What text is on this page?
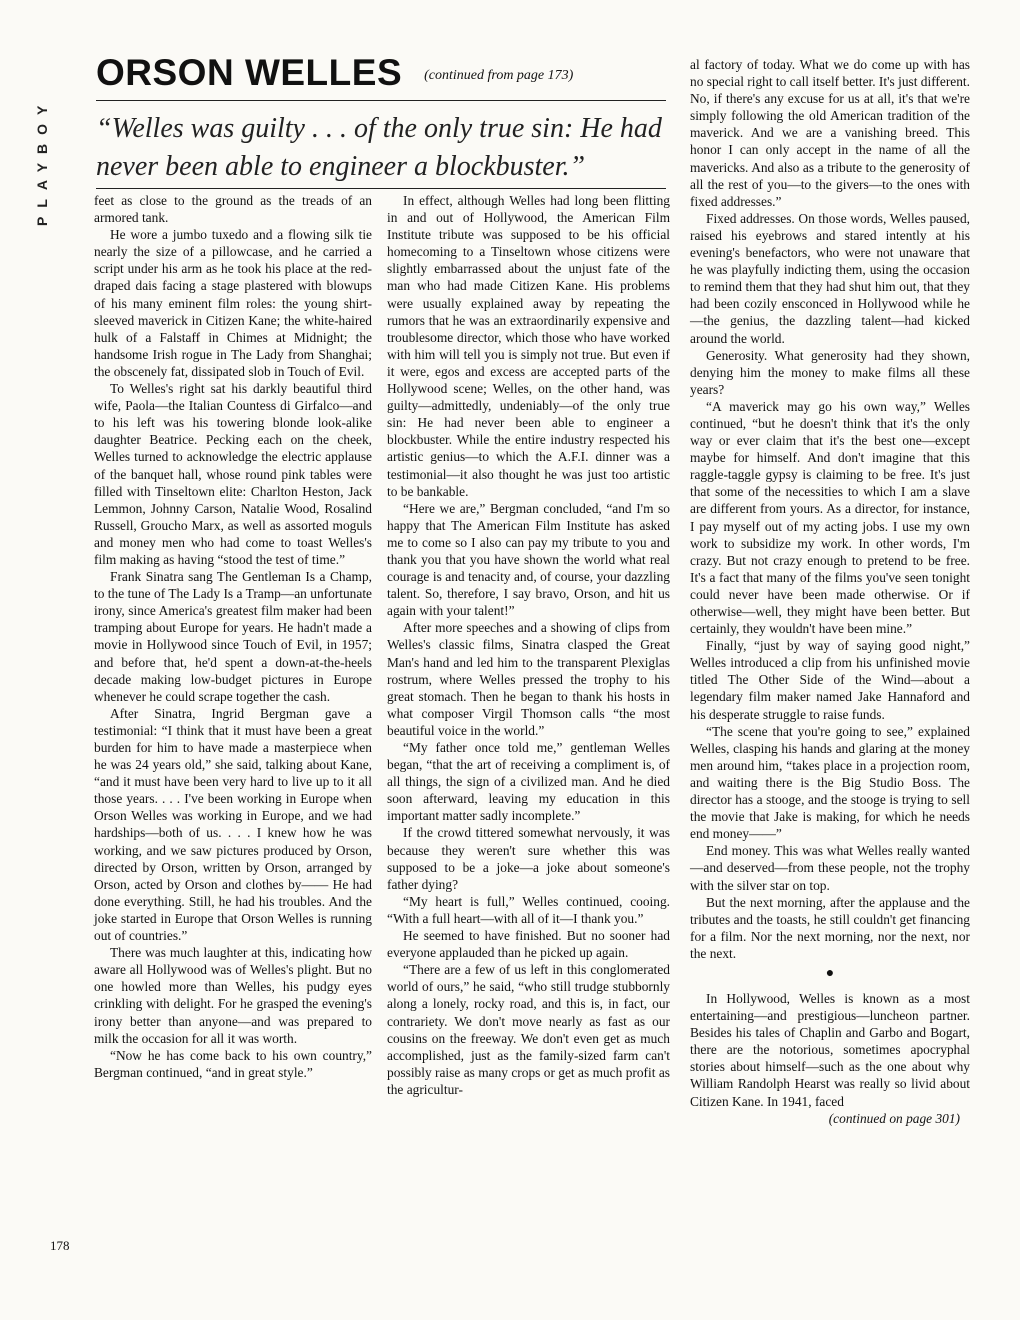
PLAYBOY
ORSON WELLES (continued from page 173)
“Welles was guilty . . . of the only true sin: He had never been able to engineer a blockbuster.”

feet as close to the ground as the treads of an armored tank.

He wore a jumbo tuxedo and a flowing silk tie nearly the size of a pillowcase, and he carried a script under his arm as he took his place at the red-draped dais facing a stage plastered with blowups of his many eminent film roles: the young shirt-sleeved maverick in Citizen Kane; the white-haired hulk of a Falstaff in Chimes at Midnight; the handsome Irish rogue in The Lady from Shanghai; the obscenely fat, dissipated slob in Touch of Evil.

To Welles's right sat his darkly beautiful third wife, Paola—the Italian Countess di Girfalco—and to his left was his towering blonde look-alike daughter Beatrice. Pecking each on the cheek, Welles turned to acknowledge the electric applause of the banquet hall, whose round pink tables were filled with Tinseltown elite: Charlton Heston, Jack Lemmon, Johnny Carson, Natalie Wood, Rosalind Russell, Groucho Marx, as well as assorted moguls and money men who had come to toast Welles's film making as having “stood the test of time.”

Frank Sinatra sang The Gentleman Is a Champ, to the tune of The Lady Is a Tramp—an unfortunate irony, since America's greatest film maker had been tramping about Europe for years. He hadn't made a movie in Hollywood since Touch of Evil, in 1957; and before that, he'd spent a down-at-the-heels decade making low-budget pictures in Europe whenever he could scrape together the cash.

After Sinatra, Ingrid Bergman gave a testimonial: “I think that it must have been a great burden for him to have made a masterpiece when he was 24 years old,” she said, talking about Kane, “and it must have been very hard to live up to it all those years. . . . I've been working in Europe when Orson Welles was working in Europe, and we had hardships—both of us. . . . I knew how he was working, and we saw pictures produced by Orson, directed by Orson, written by Orson, arranged by Orson, acted by Orson and clothes by—— He had done everything. Still, he had his troubles. And the joke started in Europe that Orson Welles is running out of countries.”

There was much laughter at this, indicating how aware all Hollywood was of Welles's plight. But no one howled more than Welles, his pudgy eyes crinkling with delight. For he grasped the evening's irony better than anyone—and was prepared to milk the occasion for all it was worth.

“Now he has come back to his own country,” Bergman continued, “and in great style.”

In effect, although Welles had long been flitting in and out of Hollywood, the American Film Institute tribute was supposed to be his official homecoming to a Tinseltown whose citizens were slightly embarrassed about the unjust fate of the man who had made Citizen Kane. His problems were usually explained away by repeating the rumors that he was an extraordinarily expensive and troublesome director, which those who have worked with him will tell you is simply not true. But even if it were, egos and excess are accepted parts of the Hollywood scene; Welles, on the other hand, was guilty—admittedly, undeniably—of the only true sin: He had never been able to engineer a blockbuster. While the entire industry respected his artistic genius—to which the A.F.I. dinner was a testimonial—it also thought he was just too artistic to be bankable.

“Here we are,” Bergman concluded, “and I'm so happy that The American Film Institute has asked me to come so I also can pay my tribute to you and thank you that you have shown the world what real courage is and tenacity and, of course, your dazzling talent. So, therefore, I say bravo, Orson, and hit us again with your talent!”

After more speeches and a showing of clips from Welles's classic films, Sinatra clasped the Great Man's hand and led him to the transparent Plexiglas rostrum, where Welles pressed the trophy to his great stomach. Then he began to thank his hosts in what composer Virgil Thomson calls “the most beautiful voice in the world.”

“My father once told me,” gentleman Welles began, “that the art of receiving a compliment is, of all things, the sign of a civilized man. And he died soon afterward, leaving my education in this important matter sadly incomplete.”

If the crowd tittered somewhat nervously, it was because they weren't sure whether this was supposed to be a joke—a joke about someone's father dying?

“My heart is full,” Welles continued, cooing. “With a full heart—with all of it—I thank you.”

He seemed to have finished. But no sooner had everyone applauded than he picked up again.

“There are a few of us left in this conglomerated world of ours,” he said, “who still trudge stubbornly along a lonely, rocky road, and this is, in fact, our contrariety. We don't move nearly as fast as our cousins on the freeway. We don't even get as much accomplished, just as the family-sized farm can't possibly raise as many crops or get as much profit as the agricultur-

al factory of today. What we do come up with has no special right to call itself better. It's just different. No, if there's any excuse for us at all, it's that we're simply following the old American tradition of the maverick. And we are a vanishing breed. This honor I can only accept in the name of all the mavericks. And also as a tribute to the generosity of all the rest of you—to the givers—to the ones with fixed addresses.”

Fixed addresses. On those words, Welles paused, raised his eyebrows and stared intently at his evening's benefactors, who were not unaware that he was playfully indicting them, using the occasion to remind them that they had shut him out, that they had been cozily ensconced in Hollywood while he—the genius, the dazzling talent—had kicked around the world.

Generosity. What generosity had they shown, denying him the money to make films all these years?

“A maverick may go his own way,” Welles continued, “but he doesn't think that it's the only way or ever claim that it's the best one—except maybe for himself. And don't imagine that this raggle-taggle gypsy is claiming to be free. It's just that some of the necessities to which I am a slave are different from yours. As a director, for instance, I pay myself out of my acting jobs. I use my own work to subsidize my work. In other words, I'm crazy. But not crazy enough to pretend to be free. It's a fact that many of the films you've seen tonight could never have been made otherwise. Or if otherwise—well, they might have been better. But certainly, they wouldn't have been mine.”

Finally, “just by way of saying good night,” Welles introduced a clip from his unfinished movie titled The Other Side of the Wind—about a legendary film maker named Jake Hannaford and his desperate struggle to raise funds.

“The scene that you're going to see,” explained Welles, clasping his hands and glaring at the money men around him, “takes place in a projection room, and waiting there is the Big Studio Boss. The director has a stooge, and the stooge is trying to sell the movie that Jake is making, for which he needs end money——”

End money. This was what Welles really wanted—and deserved—from these people, not the trophy with the silver star on top.

But the next morning, after the applause and the tributes and the toasts, he still couldn't get financing for a film. Nor the next morning, nor the next, nor the next.

●

In Hollywood, Welles is known as a most entertaining—and prestigious—luncheon partner. Besides his tales of Chaplin and Garbo and Bogart, there are the notorious, sometimes apocryphal stories about himself—such as the one about why William Randolph Hearst was really so livid about Citizen Kane. In 1941, faced

(continued on page 301)
178
